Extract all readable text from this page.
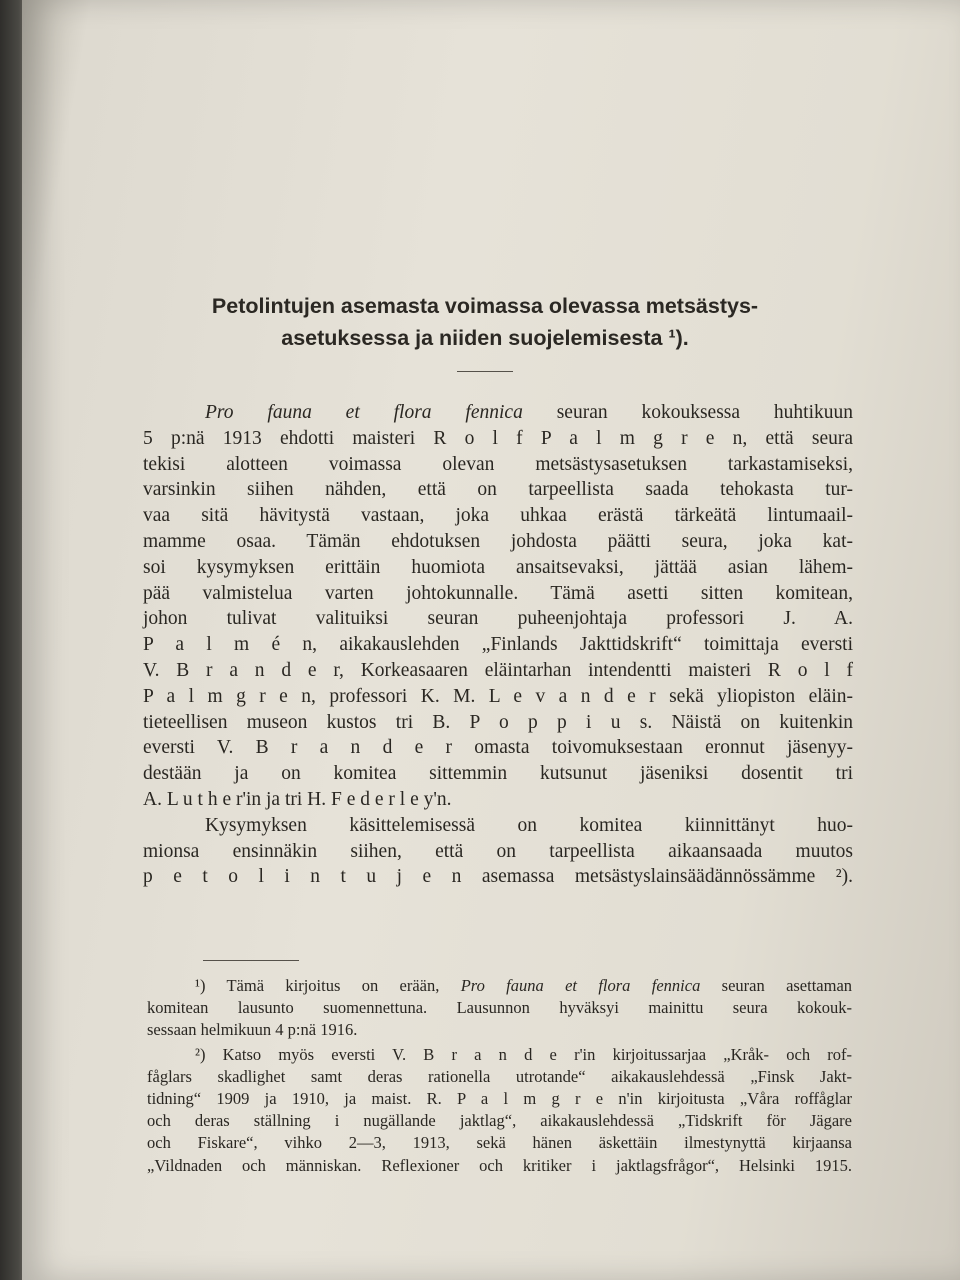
Petolintujen asemasta voimassa olevassa metsästys-
asetuksessa ja niiden suojelemisesta ¹).
Pro fauna et flora fennica seuran kokouksessa huhtikuun
5 p:nä 1913 ehdotti maisteri R o l f P a l m g r e n, että seura
tekisi alotteen voimassa olevan metsästysasetuksen tarkastamiseksi,
varsinkin siihen nähden, että on tarpeellista saada tehokasta tur-
vaa sitä hävitystä vastaan, joka uhkaa erästä tärkeätä lintumaail-
mamme osaa. Tämän ehdotuksen johdosta päätti seura, joka kat-
soi kysymyksen erittäin huomiota ansaitsevaksi, jättää asian lähem-
pää valmistelua varten johtokunnalle. Tämä asetti sitten komitean,
johon tulivat valituiksi seuran puheenjohtaja professori J. A.
P a l m é n, aikakauslehden „Finlands Jakttidskrift“ toimittaja eversti
V. B r a n d e r, Korkeasaaren eläintarhan intendentti maisteri R o l f
P a l m g r e n, professori K. M. L e v a n d e r sekä yliopiston eläin-
tieteellisen museon kustos tri B. P o p p i u s. Näistä on kuitenkin
eversti V. B r a n d e r omasta toivomuksestaan eronnut jäsenyy-
destään ja on komitea sittemmin kutsunut jäseniksi dosentit tri
A. L u t h e r'in ja tri H. F e d e r l e y'n.
Kysymyksen käsittelemisessä on komitea kiinnittänyt huo-
mionsa ensinnäkin siihen, että on tarpeellista aikaansaada muutos
p e t o l i n t u j e n asemassa metsästyslainsäädännössämme ²).
¹) Tämä kirjoitus on erään, Pro fauna et flora fennica seuran asettaman
komitean lausunto suomennettuna. Lausunnon hyväksyi mainittu seura kokouk-
sessaan helmikuun 4 p:nä 1916.
²) Katso myös eversti V. B r a n d e r'in kirjoitussarjaa „Kråk- och rof-
fåglars skadlighet samt deras rationella utrotande“ aikakauslehdessä „Finsk Jakt-
tidning“ 1909 ja 1910, ja maist. R. P a l m g r e n'in kirjoitusta „Våra roffåglar
och deras ställning i nugällande jaktlag“, aikakauslehdessä „Tidskrift för Jägare
och Fiskare“, vihko 2—3, 1913, sekä hänen äskettäin ilmestynyttä kirjaansa
„Vildnaden och människan. Reflexioner och kritiker i jaktlagsfrågor“, Helsinki 1915.
